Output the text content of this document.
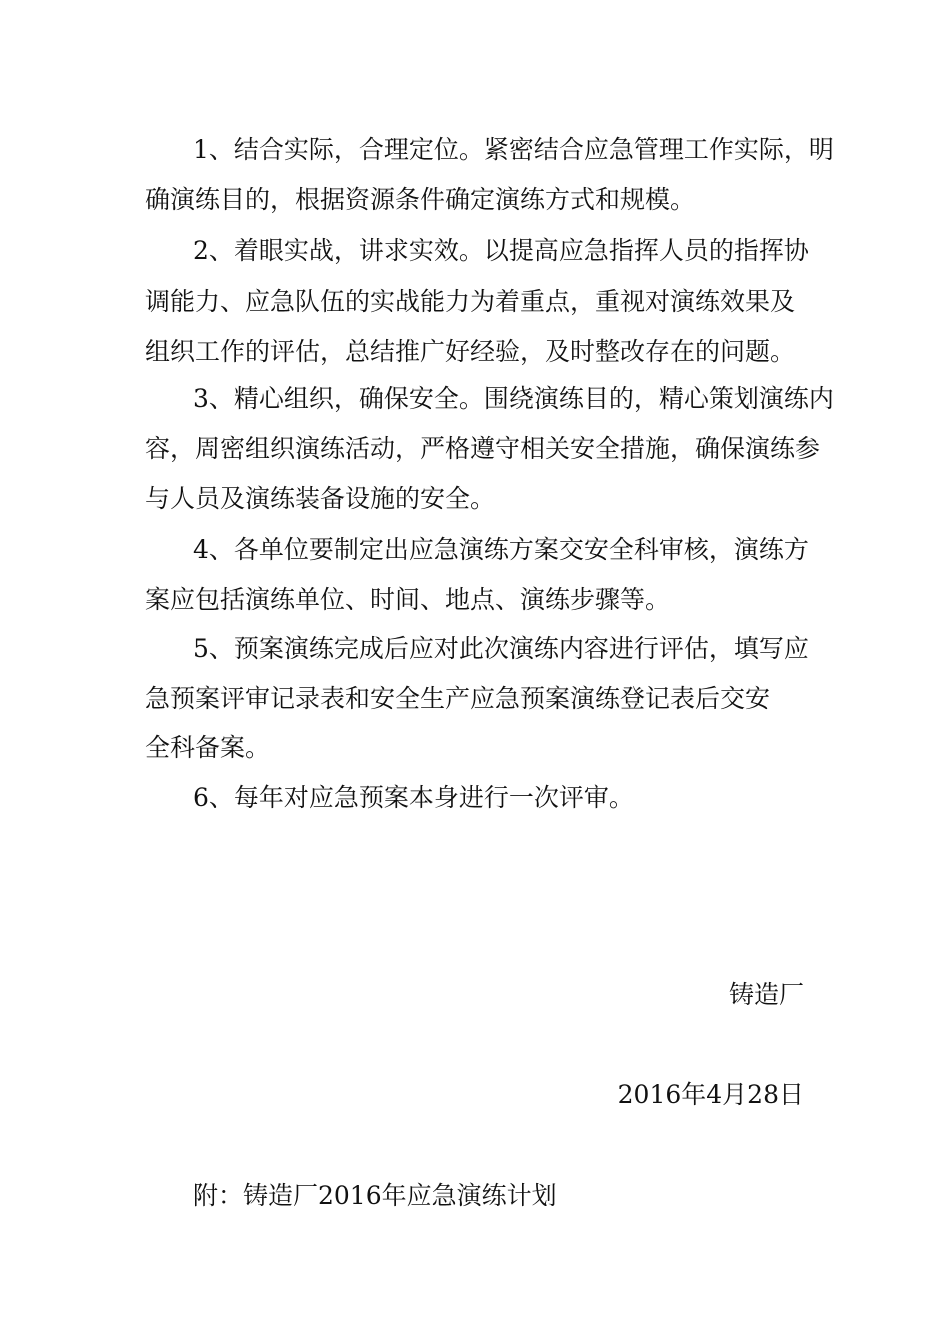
1、结合实际，合理定位。紧密结合应急管理工作实际，明
确演练目的，根据资源条件确定演练方式和规模。
2、着眼实战，讲求实效。以提高应急指挥人员的指挥协
调能力、应急队伍的实战能力为着重点，重视对演练效果及
组织工作的评估，总结推广好经验，及时整改存在的问题。
3、精心组织，确保安全。围绕演练目的，精心策划演练内
容，周密组织演练活动，严格遵守相关安全措施，确保演练参
与人员及演练装备设施的安全。
4、各单位要制定出应急演练方案交安全科审核，演练方
案应包括演练单位、时间、地点、演练步骤等。
5、预案演练完成后应对此次演练内容进行评估，填写应
急预案评审记录表和安全生产应急预案演练登记表后交安
全科备案。
6、每年对应急预案本身进行一次评审。
铸造厂
2016年4月28日
附：铸造厂2016年应急演练计划
